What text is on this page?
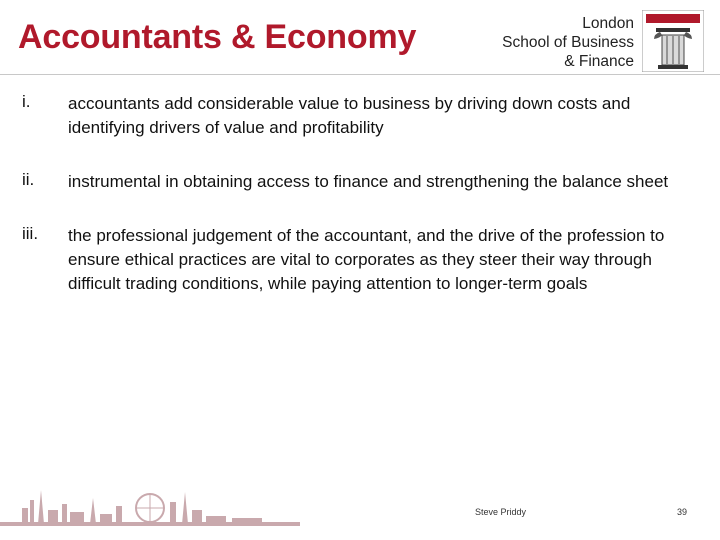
Accountants & Economy	London
School of Business
& Finance
i. accountants add considerable value to business by driving down costs and identifying drivers of value and profitability
ii. instrumental in obtaining access to finance and strengthening the balance sheet
iii. the professional judgement of the accountant, and the drive of the profession to ensure ethical practices are vital to corporates as they steer their way through difficult trading conditions, while paying attention to longer-term goals
Steve Priddy	39
